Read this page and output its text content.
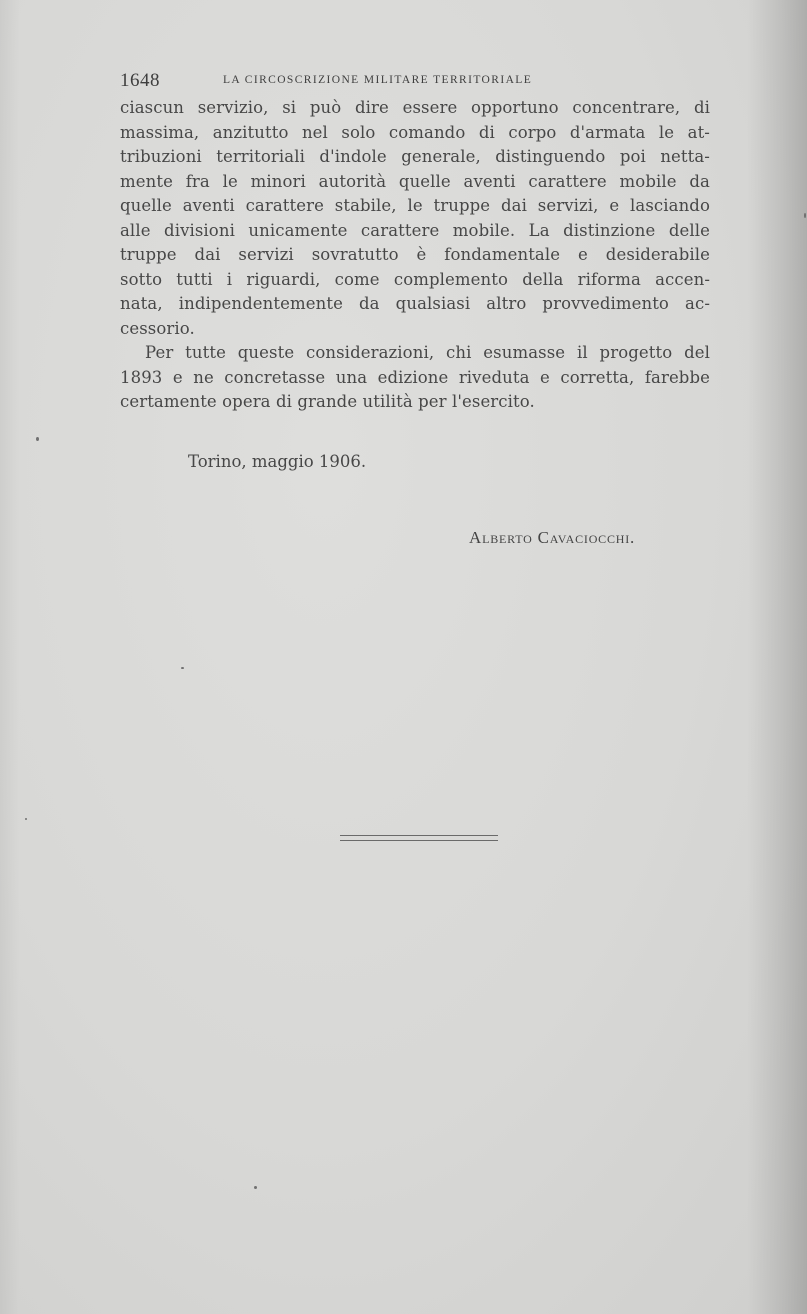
1648	LA CIRCOSCRIZIONE MILITARE TERRITORIALE
ciascun servizio, si può dire essere opportuno concentrare, di
massima, anzitutto nel solo comando di corpo d'armata le at-
tribuzioni territoriali d'indole generale, distinguendo poi netta-
mente fra le minori autorità quelle aventi carattere mobile da
quelle aventi carattere stabile, le truppe dai servizi, e lasciando
alle divisioni unicamente carattere mobile. La distinzione delle
truppe dai servizi sovratutto è fondamentale e desiderabile
sotto tutti i riguardi, come complemento della riforma accen-
nata, indipendentemente da qualsiasi altro provvedimento ac-
cessorio.
Per tutte queste considerazioni, chi esumasse il progetto del
1893 e ne concretasse una edizione riveduta e corretta, farebbe
certamente opera di grande utilità per l'esercito.
Torino, maggio 1906.
Alberto Cavaciocchi.
